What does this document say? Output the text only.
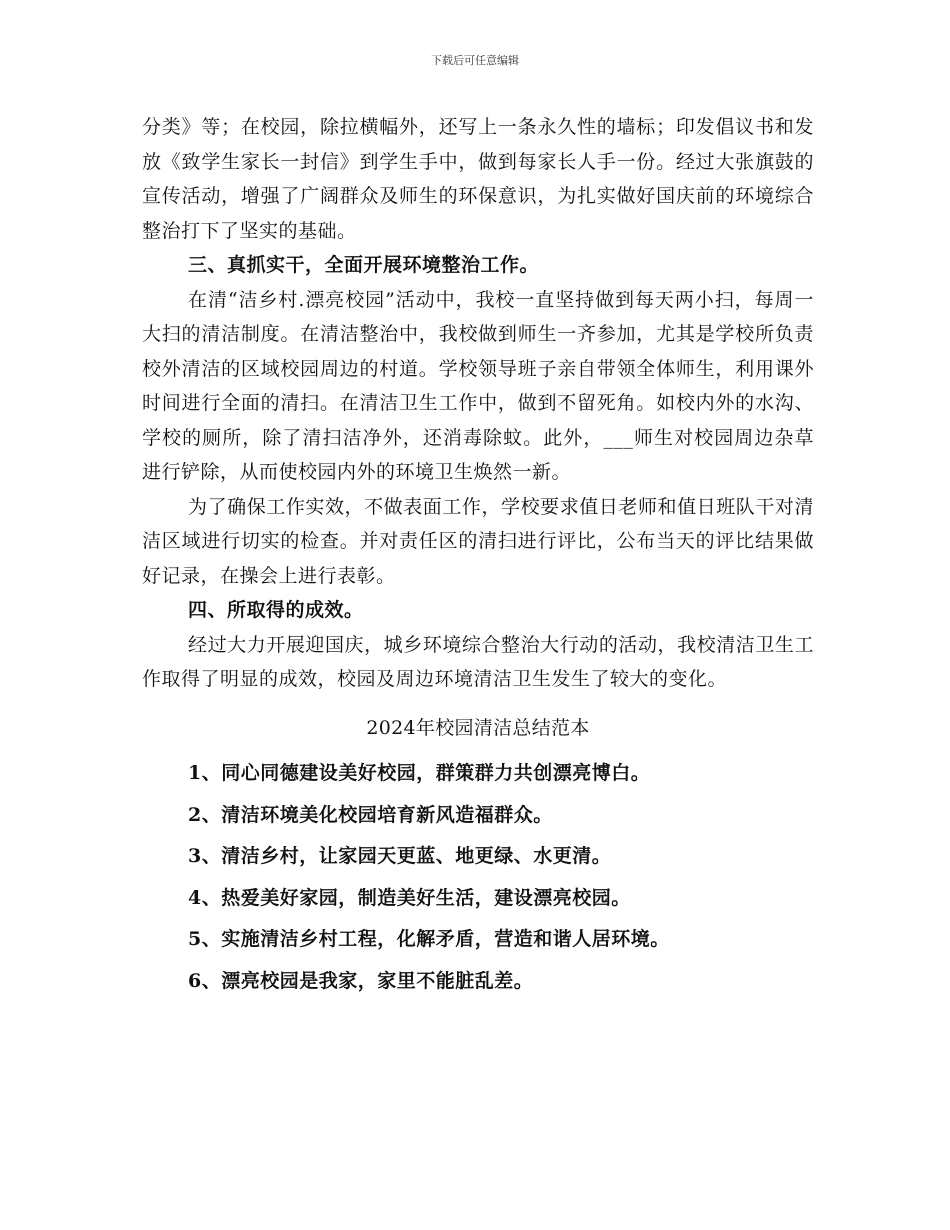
下载后可任意编辑

分类》等；在校园，除拉横幅外，还写上一条永久性的墙标；印发倡议书和发放《致学生家长一封信》到学生手中，做到每家长人手一份。经过大张旗鼓的宣传活动，增强了广阔群众及师生的环保意识，为扎实做好国庆前的环境综合整治打下了坚实的基础。

三、真抓实干，全面开展环境整治工作。

在清“洁乡村.漂亮校园”活动中，我校一直坚持做到每天两小扫，每周一大扫的清洁制度。在清洁整治中，我校做到师生一齐参加，尤其是学校所负责校外清洁的区域校园周边的村道。学校领导班子亲自带领全体师生，利用课外时间进行全面的清扫。在清洁卫生工作中，做到不留死角。如校内外的水沟、学校的厕所，除了清扫洁净外，还消毒除蚊。此外，___师生对校园周边杂草进行铲除，从而使校园内外的环境卫生焕然一新。

为了确保工作实效，不做表面工作，学校要求值日老师和值日班队干对清洁区域进行切实的检查。并对责任区的清扫进行评比，公布当天的评比结果做好记录，在操会上进行表彰。

四、所取得的成效。

经过大力开展迎国庆，城乡环境综合整治大行动的活动，我校清洁卫生工作取得了明显的成效，校园及周边环境清洁卫生发生了较大的变化。

2024年校园清洁总结范本

1、同心同德建设美好校园，群策群力共创漂亮博白。

2、清洁环境美化校园培育新风造福群众。

3、清洁乡村，让家园天更蓝、地更绿、水更清。

4、热爱美好家园，制造美好生活，建设漂亮校园。

5、实施清洁乡村工程，化解矛盾，营造和谐人居环境。

6、漂亮校园是我家，家里不能脏乱差。
